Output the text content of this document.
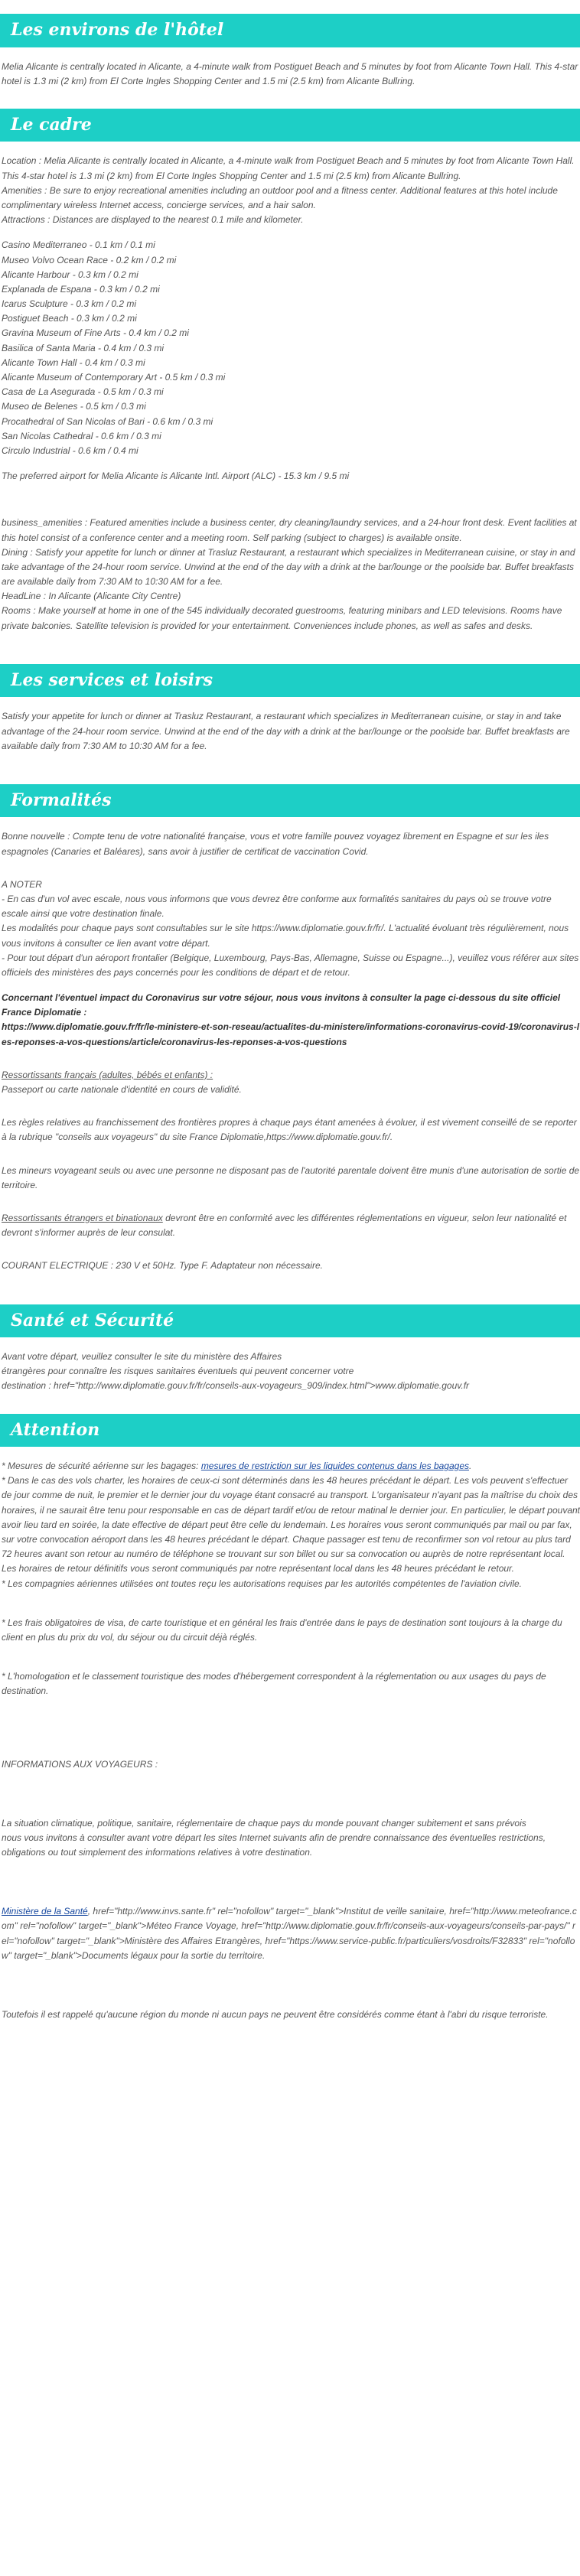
Les environs de l'hôtel

Melia Alicante is centrally located in Alicante, a 4-minute walk from Postiguet Beach and 5 minutes by foot from Alicante Town Hall. This 4-star hotel is 1.3 mi (2 km) from El Corte Ingles Shopping Center and 1.5 mi (2.5 km) from Alicante Bullring.

Le cadre

Location : Melia Alicante is centrally located in Alicante, a 4-minute walk from Postiguet Beach and 5 minutes by foot from Alicante Town Hall. This 4-star hotel is 1.3 mi (2 km) from El Corte Ingles Shopping Center and 1.5 mi (2.5 km) from Alicante Bullring.

Amenities : Be sure to enjoy recreational amenities including an outdoor pool and a fitness center. Additional features at this hotel include complimentary wireless Internet access, concierge services, and a hair salon.

Attractions : Distances are displayed to the nearest 0.1 mile and kilometer.

Casino Mediterraneo - 0.1 km / 0.1 mi
Museo Volvo Ocean Race - 0.2 km / 0.2 mi
Alicante Harbour - 0.3 km / 0.2 mi
Explanada de Espana - 0.3 km / 0.2 mi
Icarus Sculpture - 0.3 km / 0.2 mi
Postiguet Beach - 0.3 km / 0.2 mi
Gravina Museum of Fine Arts - 0.4 km / 0.2 mi
Basilica of Santa Maria - 0.4 km / 0.3 mi
Alicante Town Hall - 0.4 km / 0.3 mi
Alicante Museum of Contemporary Art - 0.5 km / 0.3 mi
Casa de La Asegurada - 0.5 km / 0.3 mi
Museo de Belenes - 0.5 km / 0.3 mi
Procathedral of San Nicolas of Bari - 0.6 km / 0.3 mi
San Nicolas Cathedral - 0.6 km / 0.3 mi
Circulo Industrial - 0.6 km / 0.4 mi

The preferred airport for Melia Alicante is Alicante Intl. Airport (ALC) - 15.3 km / 9.5 mi

business_amenities : Featured amenities include a business center, dry cleaning/laundry services, and a 24-hour front desk. Event facilities at this hotel consist of a conference center and a meeting room. Self parking (subject to charges) is available onsite.

Dining : Satisfy your appetite for lunch or dinner at Trasluz Restaurant, a restaurant which specializes in Mediterranean cuisine, or stay in and take advantage of the 24-hour room service. Unwind at the end of the day with a drink at the bar/lounge or the poolside bar. Buffet breakfasts are available daily from 7:30 AM to 10:30 AM for a fee.

HeadLine : In Alicante (Alicante City Centre)

Rooms : Make yourself at home in one of the 545 individually decorated guestrooms, featuring minibars and LED televisions. Rooms have private balconies. Satellite television is provided for your entertainment. Conveniences include phones, as well as safes and desks.

Les services et loisirs

Satisfy your appetite for lunch or dinner at Trasluz Restaurant, a restaurant which specializes in Mediterranean cuisine, or stay in and take advantage of the 24-hour room service. Unwind at the end of the day with a drink at the bar/lounge or the poolside bar. Buffet breakfasts are available daily from 7:30 AM to 10:30 AM for a fee.

Formalités

Bonne nouvelle : Compte tenu de votre nationalité française, vous et votre famille pouvez voyagez librement en Espagne et sur les iles espagnoles (Canaries et Baléares), sans avoir à justifier de certificat de vaccination Covid.

A NOTER

- En cas d'un vol avec escale, nous vous informons que vous devrez être conforme aux formalités sanitaires du pays où se trouve votre escale ainsi que votre destination finale.

Les modalités pour chaque pays sont consultables sur le site https://www.diplomatie.gouv.fr/fr/. L'actualité évoluant très régulièrement, nous vous invitons à consulter ce lien avant votre départ.

- Pour tout départ d'un aéroport frontalier (Belgique, Luxembourg, Pays-Bas, Allemagne, Suisse ou Espagne...), veuillez vous référer aux sites officiels des ministères des pays concernés pour les conditions de départ et de retour.

Concernant l'éventuel impact du Coronavirus sur votre séjour, nous vous invitons à consulter la page ci-dessous du site officiel France Diplomatie :

https://www.diplomatie.gouv.fr/fr/le-ministere-et-son-reseau/actualites-du-ministere/informations-coronavirus-covid-19/coronavirus-les-reponses-a-vos-questions/article/coronavirus-les-reponses-a-vos-questions

Ressortissants français (adultes, bébés et enfants) :

Passeport ou carte nationale d'identité en cours de validité.

Les règles relatives au franchissement des frontières propres à chaque pays étant amenées à évoluer, il est vivement conseillé de se reporter à la rubrique "conseils aux voyageurs" du site France Diplomatie,https://www.diplomatie.gouv.fr/.

Les mineurs voyageant seuls ou avec une personne ne disposant pas de l'autorité parentale doivent être munis d'une autorisation de sortie de territoire.

Ressortissants étrangers et binationaux devront être en conformité avec les différentes réglementations en vigueur, selon leur nationalité et devront s'informer auprès de leur consulat.

COURANT ELECTRIQUE : 230 V et 50Hz. Type F. Adaptateur non nécessaire.

Santé et Sécurité

Avant votre départ, veuillez consulter le site du ministère des Affaires

étrangères pour connaître les risques sanitaires éventuels qui peuvent concerner votre

destination : href="http://www.diplomatie.gouv.fr/fr/conseils-aux-voyageurs_909/index.html">www.diplomatie.gouv.fr

Attention

* Mesures de sécurité aérienne sur les bagages: mesures de restriction sur les liquides contenus dans les bagages.

* Dans le cas des vols charter, les horaires de ceux-ci sont déterminés dans les 48 heures précédant le départ. Les vols peuvent s'effectuer de jour comme de nuit, le premier et le dernier jour du voyage étant consacré au transport. L'organisateur n'ayant pas la maîtrise du choix des horaires, il ne saurait être tenu pour responsable en cas de départ tardif et/ou de retour matinal le dernier jour. En particulier, le départ pouvant avoir lieu tard en soirée, la date effective de départ peut être celle du lendemain. Les horaires vous seront communiqués par mail ou par fax, sur votre convocation aéroport dans les 48 heures précédant le départ. Chaque passager est tenu de reconfirmer son vol retour au plus tard 72 heures avant son retour au numéro de téléphone se trouvant sur son billet ou sur sa convocation ou auprès de notre représentant local. Les horaires de retour définitifs vous seront communiqués par notre représentant local dans les 48 heures précédant le retour.

* Les compagnies aériennes utilisées ont toutes reçu les autorisations requises par les autorités compétentes de l'aviation civile.

* Les frais obligatoires de visa, de carte touristique et en général les frais d'entrée dans le pays de destination sont toujours à la charge du client en plus du prix du vol, du séjour ou du circuit déjà réglés.

* L'homologation et le classement touristique des modes d'hébergement correspondent à la réglementation ou aux usages du pays de destination.

INFORMATIONS AUX VOYAGEURS :

La situation climatique, politique, sanitaire, réglementaire de chaque pays du monde pouvant changer subitement et sans prévois

nous vous invitons à consulter avant votre départ les sites Internet suivants afin de prendre connaissance des éventuelles restrictions, obligations ou tout simplement des informations relatives à votre destination.

Ministère de la Santé, href="http://www.invs.sante.fr" rel="nofollow" target="_blank">Institut de veille sanitaire, href="http://www.meteofrance.com" rel="nofollow" target="_blank">Méteo France Voyage, href="http://www.diplomatie.gouv.fr/fr/conseils-aux-voyageurs/conseils-par-pays/" rel="nofollow" target="_blank">Ministère des Affaires Etrangères, href="https://www.service-public.fr/particuliers/vosdroits/F32833" rel="nofollow" target="_blank">Documents légaux pour la sortie du territoire.

Toutefois il est rappelé qu'aucune région du monde ni aucun pays ne peuvent être considérés comme étant à l'abri du risque terroriste.
